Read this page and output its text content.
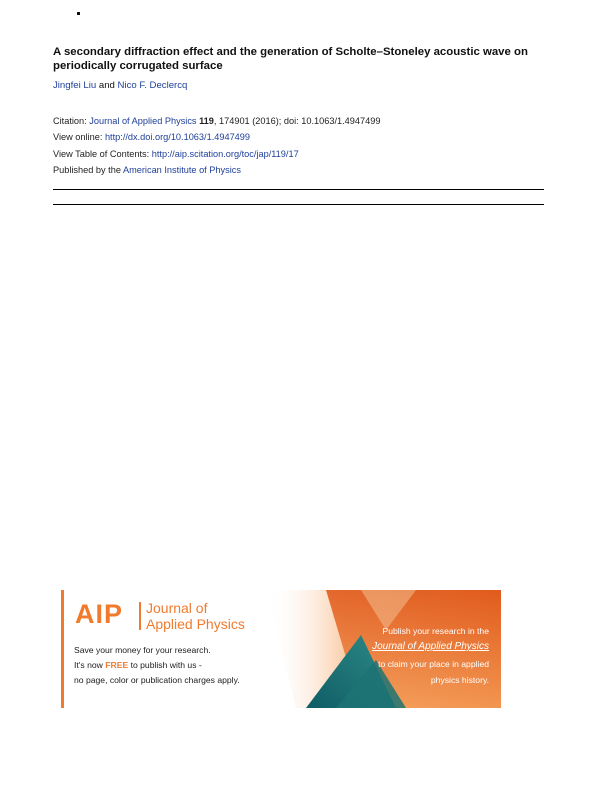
A secondary diffraction effect and the generation of Scholte–Stoneley acoustic wave on periodically corrugated surface
Jingfei Liu and Nico F. Declercq
Citation: Journal of Applied Physics 119, 174901 (2016); doi: 10.1063/1.4947499
View online: http://dx.doi.org/10.1063/1.4947499
View Table of Contents: http://aip.scitation.org/toc/jap/119/17
Published by the American Institute of Physics
AIP Journal of
Applied Physics
Save your money for your research.
It's now FREE to publish with us -
no page, color or publication charges apply.
Publish your research in the
Journal of Applied Physics
to claim your place in applied
physics history.
